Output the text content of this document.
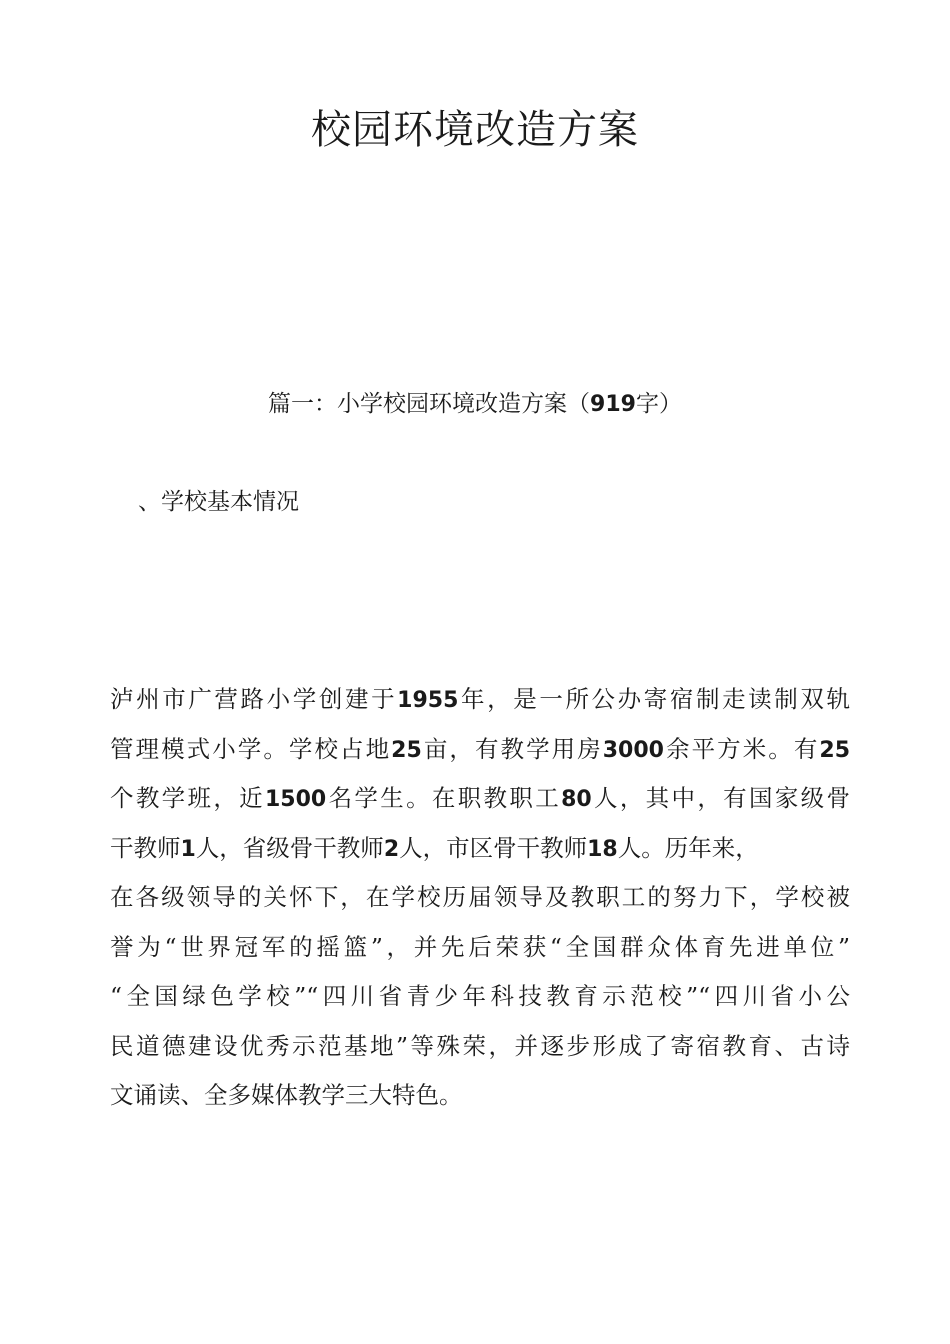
校园环境改造方案

篇一：小学校园环境改造方案（919字）

、学校基本情况

泸州市广营路小学创建于1955年，是一所公办寄宿制走读制双轨
管理模式小学。学校占地25亩，有教学用房3000余平方米。有25
个教学班，近1500名学生。在职教职工80人，其中，有国家级骨
干教师1人，省级骨干教师2人，市区骨干教师18人。历年来，
在各级领导的关怀下，在学校历届领导及教职工的努力下，学校被
誉为“世界冠军的摇篮”，并先后荣获“全国群众体育先进单位”
“全国绿色学校”“四川省青少年科技教育示范校”“四川省小公
民道德建设优秀示范基地”等殊荣，并逐步形成了寄宿教育、古诗
文诵读、全多媒体教学三大特色。
